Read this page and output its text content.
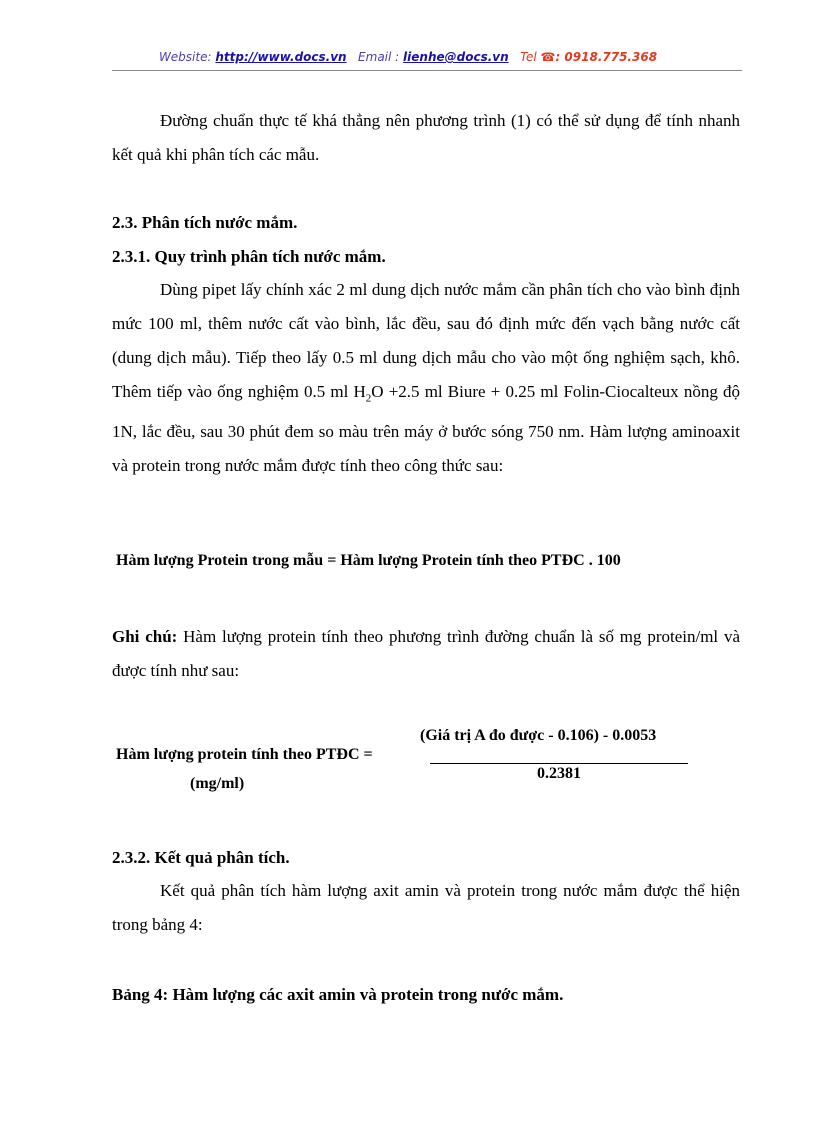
Website: http://www.docs.vn Email : lienhe@docs.vn Tel ☎: 0918.775.368
Đường chuẩn thực tế khá thẳng nên phương trình (1) có thể sử dụng để tính nhanh kết quả khi phân tích các mẫu.
2.3. Phân tích nước mắm.
2.3.1. Quy trình phân tích nước mắm.
Dùng pipet lấy chính xác 2 ml dung dịch nước mắm cần phân tích cho vào bình định mức 100 ml, thêm nước cất vào bình, lắc đều, sau đó định mức đến vạch bằng nước cất (dung dịch mẫu). Tiếp theo lấy 0.5 ml dung dịch mẫu cho vào một ống nghiệm sạch, khô. Thêm tiếp vào ống nghiệm 0.5 ml $H_2O +2.5$ ml Biure + 0.25 ml Folin-Ciocalteux nồng độ 1N, lắc đều, sau 30 phút đem so màu trên máy ở bước sóng 750 nm. Hàm lượng aminoaxit và protein trong nước mắm được tính theo công thức sau:
Hàm lượng Protein trong mẫu = Hàm lượng Protein tính theo PTĐC . 100
Ghi chú: Hàm lượng protein tính theo phương trình đường chuẩn là số mg protein/ml và được tính như sau:
(Giá trị A đo được - 0.106) - 0.0053
Hàm lượng protein tính theo PTĐC =
0.2381
(mg/ml)
2.3.2. Kết quả phân tích.
Kết quả phân tích hàm lượng axit amin và protein trong nước mắm được thể hiện trong bảng 4:
Bảng 4: Hàm lượng các axit amin và protein trong nước mắm.
